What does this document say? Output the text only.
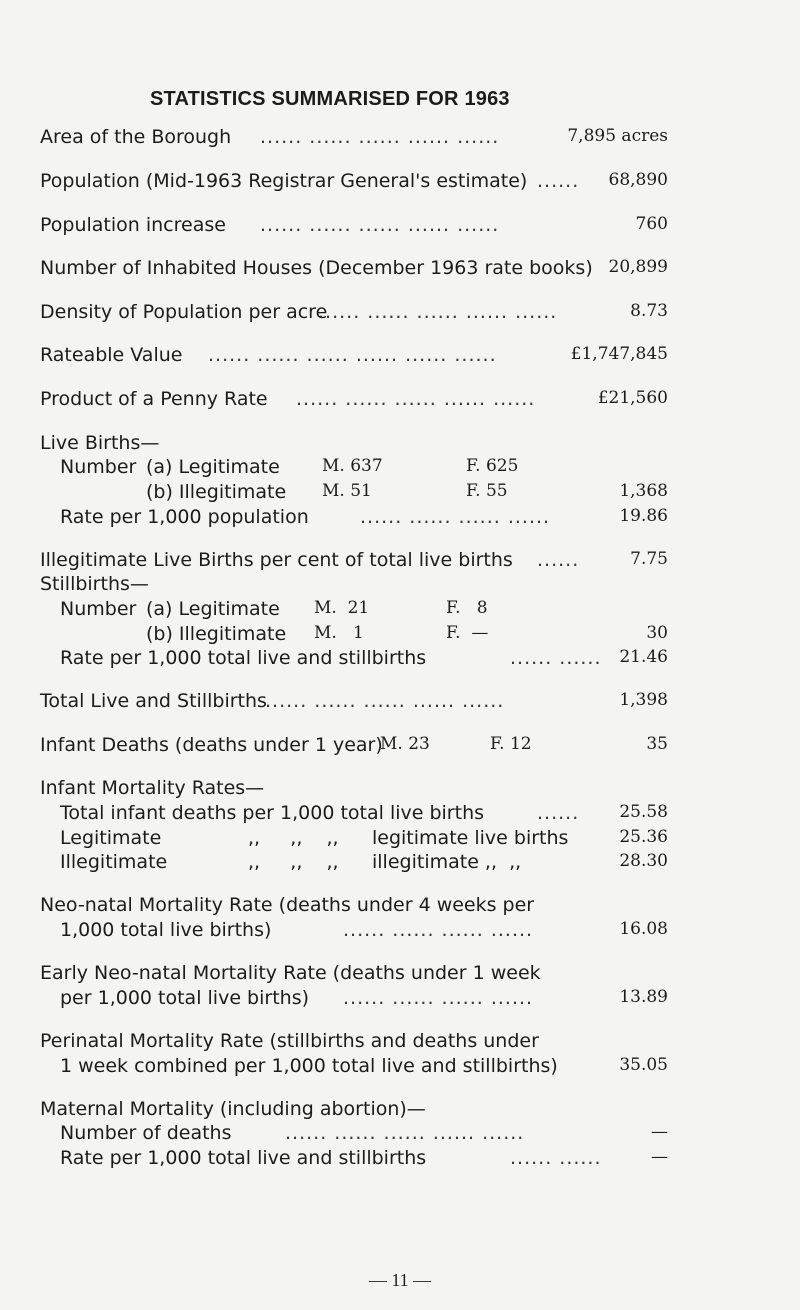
STATISTICS SUMMARISED FOR 1963
Area of the Borough ...... ...... ...... ...... ......	7,895 acres
Population (Mid-1963 Registrar General's estimate) ...... 68,890
Population increase ...... ...... ...... ...... ......	760
Number of Inhabited Houses (December 1963 rate books) 20,899
Density of Population per acre
...... ...... ...... ...... ......	8.73
Rateable Value ...... ...... ...... ...... ...... ......	£1,747,845
Product of a Penny Rate ...... ...... ...... ...... ......	£21,560
Live Births—
Number (a) Legitimate M. 637	F. 625
(b) Illegitimate M. 51	F. 55	1,368
Rate per 1,000 population	...... ...... ...... ......	19.86
Illegitimate Live Births per cent of total live births ......	7.75
Stillbirths—
Number (a) Legitimate M.  21	F.   8
(b) Illegitimate M.   1	F.  —	30
Rate per 1,000 total live and stillbirths	...... ...... 21.46
Total Live and Stillbirths
...... ...... ...... ...... ......	1,398
Infant Deaths (deaths under 1 year)
M. 23	F. 12	35
Infant Mortality Rates—
Total infant deaths per 1,000 total live births	...... 25.58
Legitimate	,,     ,,    ,, legitimate live births	25.36
Illegitimate	,,     ,,    ,, illegitimate ,,  ,,	28.30
Neo-natal Mortality Rate (deaths under 4 weeks per
1,000 total live births)	...... ...... ...... ......	16.08
Early Neo-natal Mortality Rate (deaths under 1 week
per 1,000 total live births) ...... ...... ...... ......	13.89
Perinatal Mortality Rate (stillbirths and deaths under
1 week combined per 1,000 total live and stillbirths)	35.05
Maternal Mortality (including abortion)—
Number of deaths	...... ...... ...... ...... ......	—
Rate per 1,000 total live and stillbirths	...... ......	—
— 11 —
